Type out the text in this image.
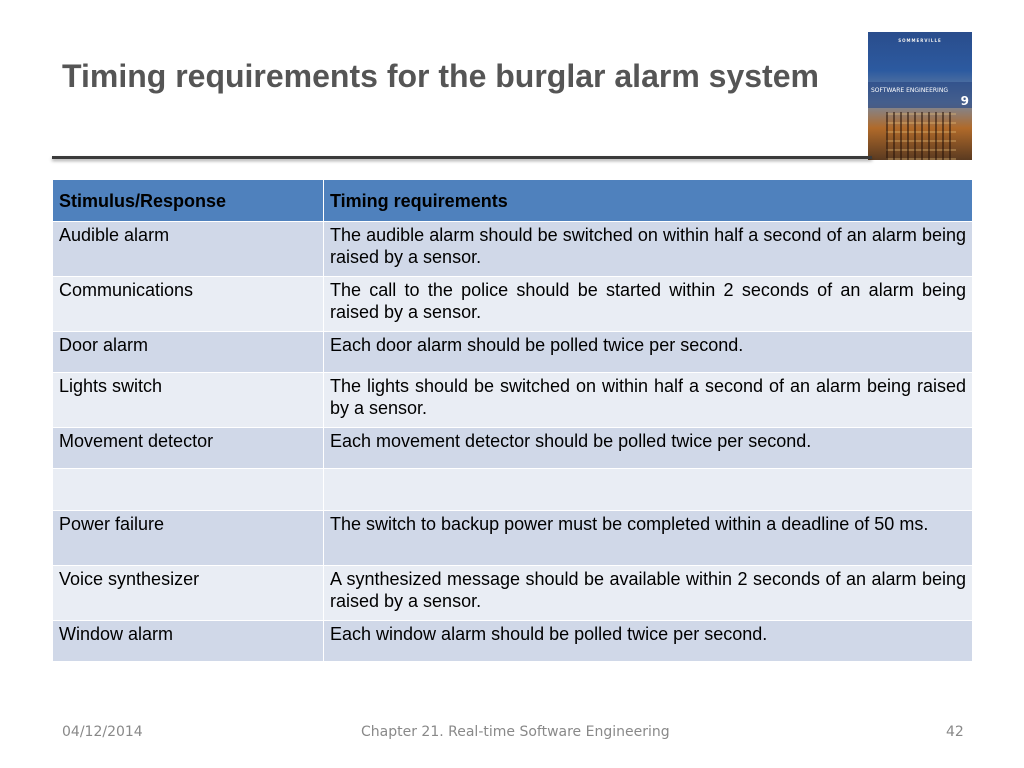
Timing requirements for the burglar alarm system
SOMMERVILLE
SOFTWARE ENGINEERING
9
Stimulus/Response	Timing requirements
Audible alarm	The audible alarm should be switched on within half a second of an alarm being raised by a sensor.
Communications	The call to the police should be started within 2 seconds of an alarm being raised by a sensor.
Door alarm	Each door alarm should be polled twice per second.
Lights switch	The lights should be switched on within half a second of an alarm being raised by a sensor.
Movement detector	Each movement detector should be polled twice per second.

Power failure	The switch to backup power must be completed within a deadline of 50 ms.
Voice synthesizer	A synthesized message should be available within 2 seconds of an alarm being raised by a sensor.
Window alarm	Each window alarm should be polled twice per second.
04/12/2014	Chapter 21. Real-time Software Engineering	42
